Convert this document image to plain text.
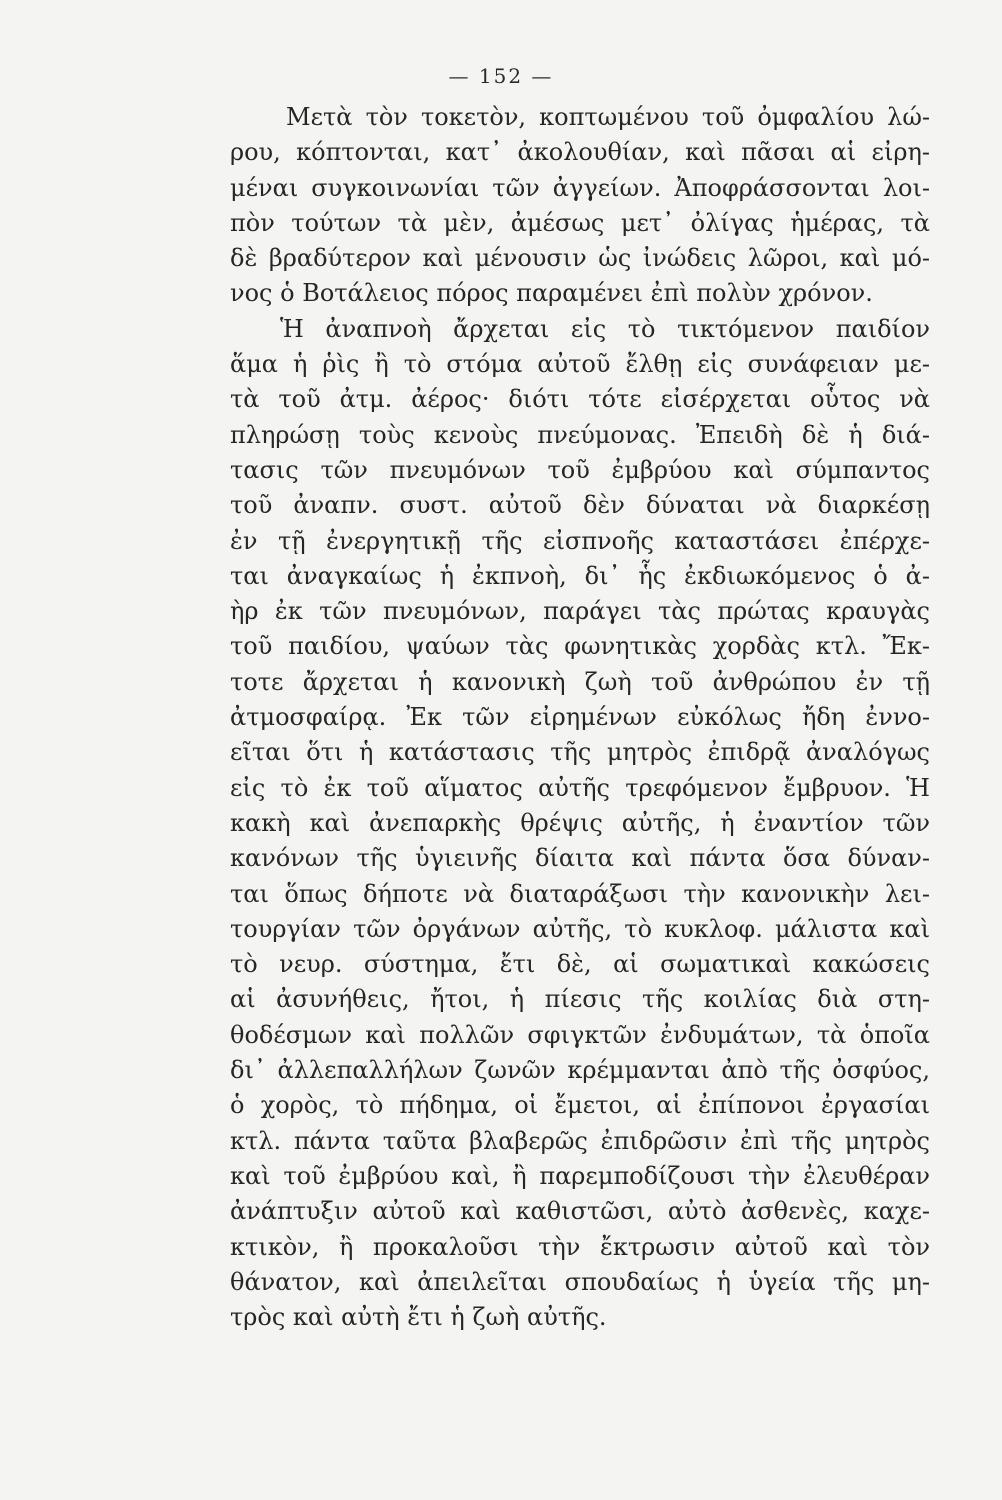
— 152 —
Μετὰ τὸν τοκετὸν, κοπτωμένου τοῦ ὀμφαλίου λώ-
ρου, κόπτονται, κατ᾽ ἀκολουθίαν, καὶ πᾶσαι αἱ εἰρη-
μέναι συγκοινωνίαι τῶν ἀγγείων. Ἀποφράσσονται λοι-
πὸν τούτων τὰ μὲν, ἀμέσως μετ᾽ ὀλίγας ἡμέρας, τὰ
δὲ βραδύτερον καὶ μένουσιν ὡς ἰνώδεις λῶροι, καὶ μό-
νος ὁ Βοτάλειος πόρος παραμένει ἐπὶ πολὺν χρόνον.
Ἡ ἀναπνοὴ ἄρχεται εἰς τὸ τικτόμενον παιδίον
ἅμα ἡ ῥὶς ἢ τὸ στόμα αὐτοῦ ἔλθῃ εἰς συνάφειαν με-
τὰ τοῦ ἀτμ. ἀέρος· διότι τότε εἰσέρχεται οὗτος νὰ
πληρώσῃ τοὺς κενοὺς πνεύμονας. Ἐπειδὴ δὲ ἡ διά-
τασις τῶν πνευμόνων τοῦ ἐμβρύου καὶ σύμπαντος
τοῦ ἀναπν. συστ. αὐτοῦ δὲν δύναται νὰ διαρκέσῃ
ἐν τῇ ἐνεργητικῇ τῆς εἰσπνοῆς καταστάσει ἐπέρχε-
ται ἀναγκαίως ἡ ἐκπνοὴ, δι᾽ ἧς ἐκδιωκόμενος ὁ ἀ-
ὴρ ἐκ τῶν πνευμόνων, παράγει τὰς πρώτας κραυγὰς
τοῦ παιδίου, ψαύων τὰς φωνητικὰς χορδὰς κτλ. Ἔκ-
τοτε ἄρχεται ἡ κανονικὴ ζωὴ τοῦ ἀνθρώπου ἐν τῇ
ἀτμοσφαίρᾳ. Ἐκ τῶν εἰρημένων εὐκόλως ἤδη ἐννο-
εῖται ὅτι ἡ κατάστασις τῆς μητρὸς ἐπιδρᾷ ἀναλόγως
εἰς τὸ ἐκ τοῦ αἵματος αὐτῆς τρεφόμενον ἔμβρυον. Ἡ
κακὴ καὶ ἀνεπαρκὴς θρέψις αὐτῆς, ἡ ἐναντίον τῶν
κανόνων τῆς ὑγιεινῆς δίαιτα καὶ πάντα ὅσα δύναν-
ται ὅπως δήποτε νὰ διαταράξωσι τὴν κανονικὴν λει-
τουργίαν τῶν ὀργάνων αὐτῆς, τὸ κυκλοφ. μάλιστα καὶ
τὸ νευρ. σύστημα, ἔτι δὲ, αἱ σωματικαὶ κακώσεις
αἱ ἀσυνήθεις, ἤτοι, ἡ πίεσις τῆς κοιλίας διὰ στη-
θοδέσμων καὶ πολλῶν σφιγκτῶν ἐνδυμάτων, τὰ ὁποῖα
δι᾽ ἀλλεπαλλήλων ζωνῶν κρέμμανται ἀπὸ τῆς ὀσφύος,
ὁ χορὸς, τὸ πήδημα, οἱ ἔμετοι, αἱ ἐπίπονοι ἐργασίαι
κτλ. πάντα ταῦτα βλαβερῶς ἐπιδρῶσιν ἐπὶ τῆς μητρὸς
καὶ τοῦ ἐμβρύου καὶ, ἢ παρεμποδίζουσι τὴν ἐλευθέραν
ἀνάπτυξιν αὐτοῦ καὶ καθιστῶσι, αὐτὸ ἀσθενὲς, καχε-
κτικὸν, ἢ προκαλοῦσι τὴν ἔκτρωσιν αὐτοῦ καὶ τὸν
θάνατον, καὶ ἀπειλεῖται σπουδαίως ἡ ὑγεία τῆς μη-
τρὸς καὶ αὐτὴ ἔτι ἡ ζωὴ αὐτῆς.
